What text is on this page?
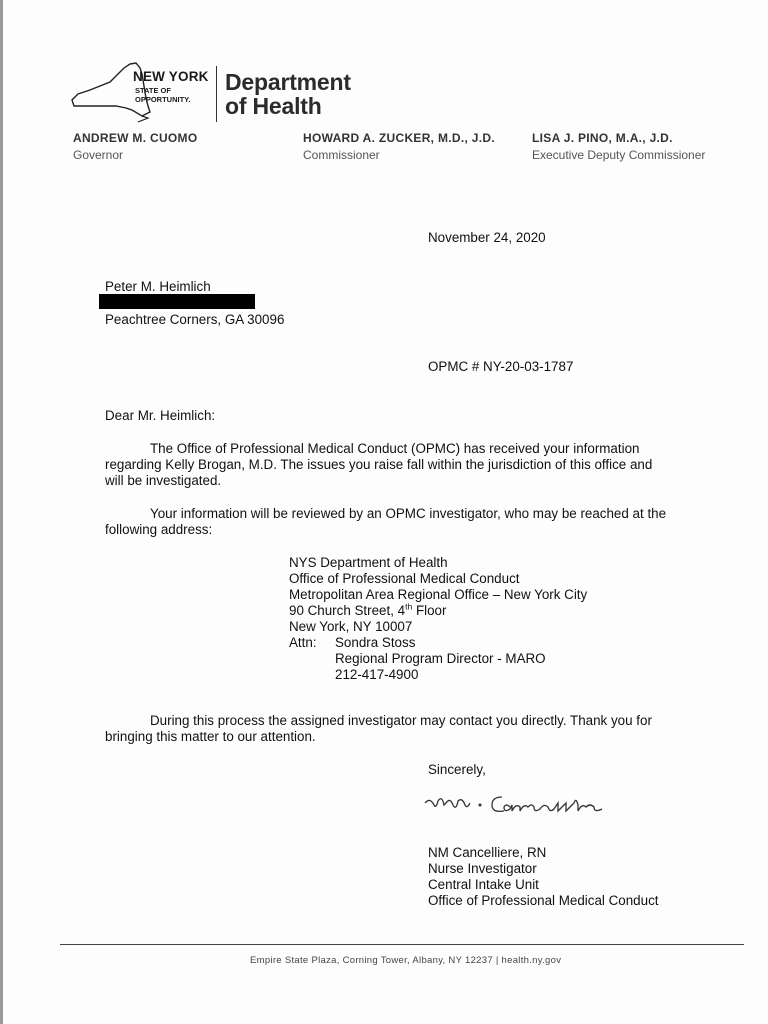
NEW YORK
STATE OF
OPPORTUNITY.
Department
of Health
ANDREW M. CUOMO
Governor
HOWARD A. ZUCKER, M.D., J.D.
Commissioner
LISA J. PINO, M.A., J.D.
Executive Deputy Commissioner
November 24, 2020
Peter M. Heimlich
Peachtree Corners, GA 30096
OPMC # NY-20-03-1787
Dear Mr. Heimlich:
The Office of Professional Medical Conduct (OPMC) has received your information
regarding Kelly Brogan, M.D. The issues you raise fall within the jurisdiction of this office and
will be investigated.
Your information will be reviewed by an OPMC investigator, who may be reached at the
following address:
NYS Department of Health
Office of Professional Medical Conduct
Metropolitan Area Regional Office – New York City
90 Church Street, 4th Floor
New York, NY 10007
Attn: Sondra Stoss
Regional Program Director - MARO
212-417-4900
During this process the assigned investigator may contact you directly. Thank you for
bringing this matter to our attention.
Sincerely,
NM Cancelliere, RN
Nurse Investigator
Central Intake Unit
Office of Professional Medical Conduct
Empire State Plaza, Corning Tower, Albany, NY 12237 | health.ny.gov
